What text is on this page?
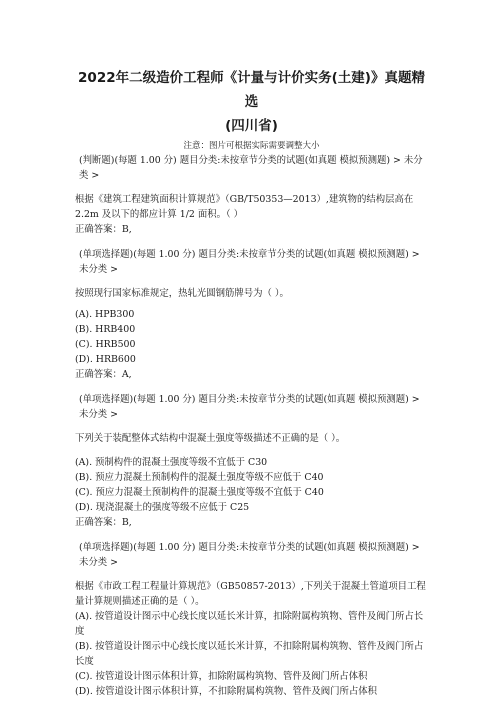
2022年二级造价工程师《计量与计价实务(土建)》真题精选

(四川省)

注意：图片可根据实际需要调整大小

(判断题)(每题 1.00 分) 题目分类:未按章节分类的试题(如真题 模拟预测题) > 未分类 >

根据《建筑工程建筑面积计算规范》（GB/T50353—2013）,建筑物的结构层高在2.2m 及以下的都应计算 1/2 面积。（ ）

正确答案：B,

(单项选择题)(每题 1.00 分) 题目分类:未按章节分类的试题(如真题 模拟预测题) > 未分类 >

按照现行国家标准规定，热轧光圆钢筋牌号为（ ）。

(A). HPB300

(B). HRB400

(C). HRB500

(D). HRB600

正确答案：A,

(单项选择题)(每题 1.00 分) 题目分类:未按章节分类的试题(如真题 模拟预测题) > 未分类 >

下列关于装配整体式结构中混凝土强度等级描述不正确的是（ ）。

(A). 预制构件的混凝土强度等级不宜低于 C30

(B). 预应力混凝土预制构件的混凝土强度等级不应低于 C40

(C). 预应力混凝土预制构件的混凝土强度等级不宜低于 C40

(D). 现浇混凝土的强度等级不应低于 C25

正确答案：B,

(单项选择题)(每题 1.00 分) 题目分类:未按章节分类的试题(如真题 模拟预测题) > 未分类 >

根据《市政工程工程量计算规范》（GB50857-2013）,下列关于混凝土管道项目工程量计算规则描述正确的是（ ）。

(A). 按管道设计图示中心线长度以延长米计算，扣除附属构筑物、管件及阀门所占长度

(B). 按管道设计图示中心线长度以延长米计算，不扣除附属构筑物、管件及阀门所占长度

(C). 按管道设计图示体积计算，扣除附属构筑物、管件及阀门所占体积

(D). 按管道设计图示体积计算，不扣除附属构筑物、管件及阀门所占体积
